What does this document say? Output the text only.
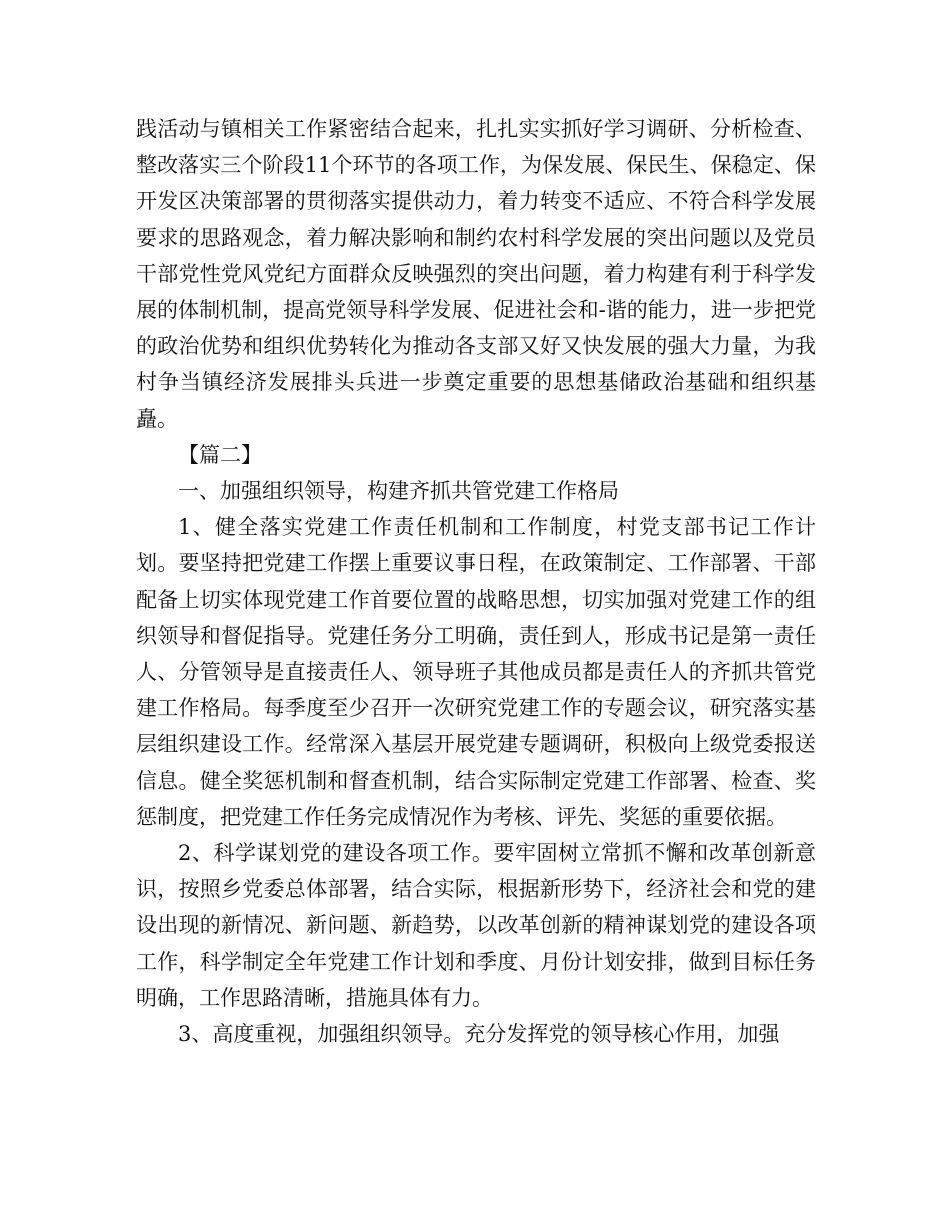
践活动与镇相关工作紧密结合起来，扎扎实实抓好学习调研、分析检查、整改落实三个阶段11个环节的各项工作，为保发展、保民生、保稳定、保开发区决策部署的贯彻落实提供动力，着力转变不适应、不符合科学发展要求的思路观念，着力解决影响和制约农村科学发展的突出问题以及党员干部党性党风党纪方面群众反映强烈的突出问题，着力构建有利于科学发展的体制机制，提高党领导科学发展、促进社会和-谐的能力，进一步把党的政治优势和组织优势转化为推动各支部又好又快发展的强大力量，为我村争当镇经济发展排头兵进一步奠定重要的思想基储政治基础和组织基矗。

【篇二】

一、加强组织领导，构建齐抓共管党建工作格局

1、健全落实党建工作责任机制和工作制度，村党支部书记工作计划。要坚持把党建工作摆上重要议事日程，在政策制定、工作部署、干部配备上切实体现党建工作首要位置的战略思想，切实加强对党建工作的组织领导和督促指导。党建任务分工明确，责任到人，形成书记是第一责任人、分管领导是直接责任人、领导班子其他成员都是责任人的齐抓共管党建工作格局。每季度至少召开一次研究党建工作的专题会议，研究落实基层组织建设工作。经常深入基层开展党建专题调研，积极向上级党委报送信息。健全奖惩机制和督查机制，结合实际制定党建工作部署、检查、奖惩制度，把党建工作任务完成情况作为考核、评先、奖惩的重要依据。

2、科学谋划党的建设各项工作。要牢固树立常抓不懈和改革创新意识，按照乡党委总体部署，结合实际，根据新形势下，经济社会和党的建设出现的新情况、新问题、新趋势，以改革创新的精神谋划党的建设各项工作，科学制定全年党建工作计划和季度、月份计划安排，做到目标任务明确，工作思路清晰，措施具体有力。

3、高度重视，加强组织领导。充分发挥党的领导核心作用，加强
